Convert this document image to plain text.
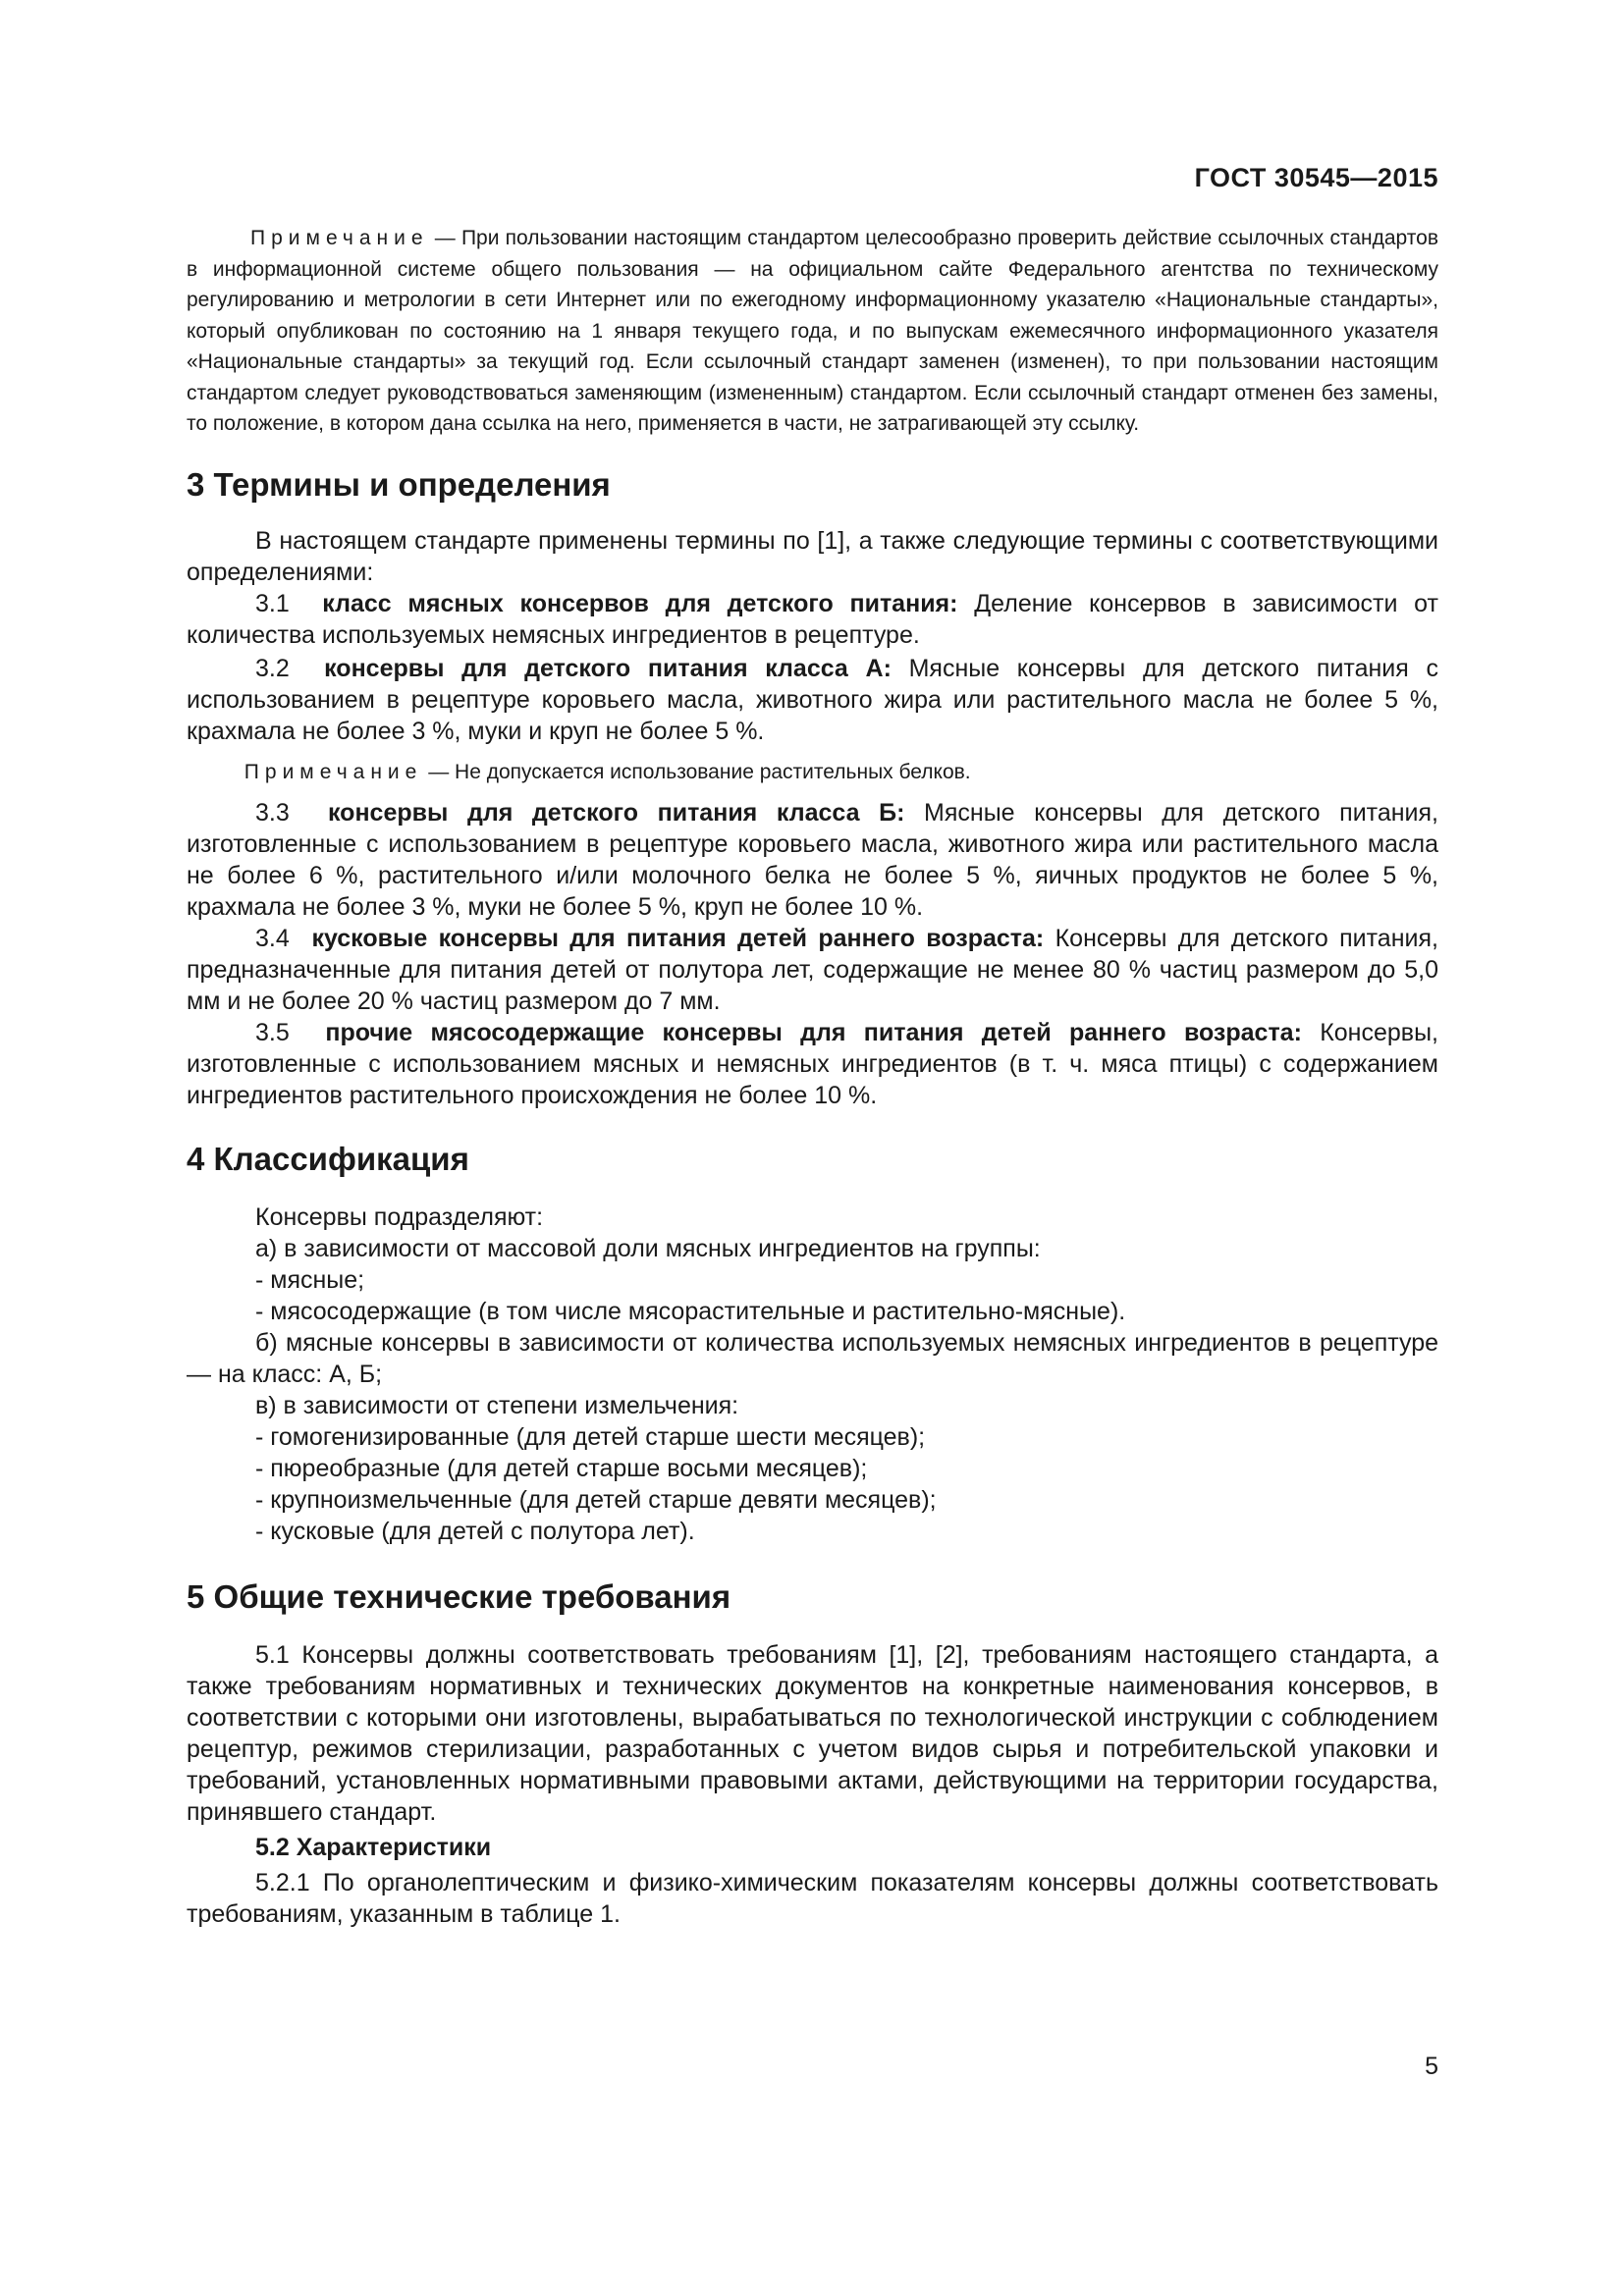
ГОСТ 30545—2015

Примечание — При пользовании настоящим стандартом целесообразно проверить действие ссылочных стандартов в информационной системе общего пользования — на официальном сайте Федерального агентства по техническому регулированию и метрологии в сети Интернет или по ежегодному информационному указателю «Национальные стандарты», который опубликован по состоянию на 1 января текущего года, и по выпускам ежемесячного информационного указателя «Национальные стандарты» за текущий год. Если ссылочный стандарт заменен (изменен), то при пользовании настоящим стандартом следует руководствоваться заменяющим (измененным) стандартом. Если ссылочный стандарт отменен без замены, то положение, в котором дана ссылка на него, применяется в части, не затрагивающей эту ссылку.

3 Термины и определения

В настоящем стандарте применены термины по [1], а также следующие термины с соответствующими определениями:

3.1 класс мясных консервов для детского питания: Деление консервов в зависимости от количества используемых немясных ингредиентов в рецептуре.

3.2 консервы для детского питания класса А: Мясные консервы для детского питания с использованием в рецептуре коровьего масла, животного жира или растительного масла не более 5 %, крахмала не более 3 %, муки и круп не более 5 %.

Примечание — Не допускается использование растительных белков.

3.3 консервы для детского питания класса Б: Мясные консервы для детского питания, изготовленные с использованием в рецептуре коровьего масла, животного жира или растительного масла не более 6 %, растительного и/или молочного белка не более 5 %, яичных продуктов не более 5 %, крахмала не более 3 %, муки не более 5 %, круп не более 10 %.

3.4 кусковые консервы для питания детей раннего возраста: Консервы для детского питания, предназначенные для питания детей от полутора лет, содержащие не менее 80 % частиц размером до 5,0 мм и не более 20 % частиц размером до 7 мм.

3.5 прочие мясосодержащие консервы для питания детей раннего возраста: Консервы, изготовленные с использованием мясных и немясных ингредиентов (в т. ч. мяса птицы) с содержанием ингредиентов растительного происхождения не более 10 %.

4 Классификация

Консервы подразделяют:

а) в зависимости от массовой доли мясных ингредиентов на группы:

- мясные;

- мясосодержащие (в том числе мясорастительные и растительно-мясные).

б) мясные консервы в зависимости от количества используемых немясных ингредиентов в рецептуре — на класс: А, Б;

в) в зависимости от степени измельчения:

- гомогенизированные (для детей старше шести месяцев);

- пюреобразные (для детей старше восьми месяцев);

- крупноизмельченные (для детей старше девяти месяцев);

- кусковые (для детей с полутора лет).

5 Общие технические требования

5.1 Консервы должны соответствовать требованиям [1], [2], требованиям настоящего стандарта, а также требованиям нормативных и технических документов на конкретные наименования консервов, в соответствии с которыми они изготовлены, вырабатываться по технологической инструкции с соблюдением рецептур, режимов стерилизации, разработанных с учетом видов сырья и потребительской упаковки и требований, установленных нормативными правовыми актами, действующими на территории государства, принявшего стандарт.

5.2 Характеристики

5.2.1 По органолептическим и физико-химическим показателям консервы должны соответствовать требованиям, указанным в таблице 1.

5
